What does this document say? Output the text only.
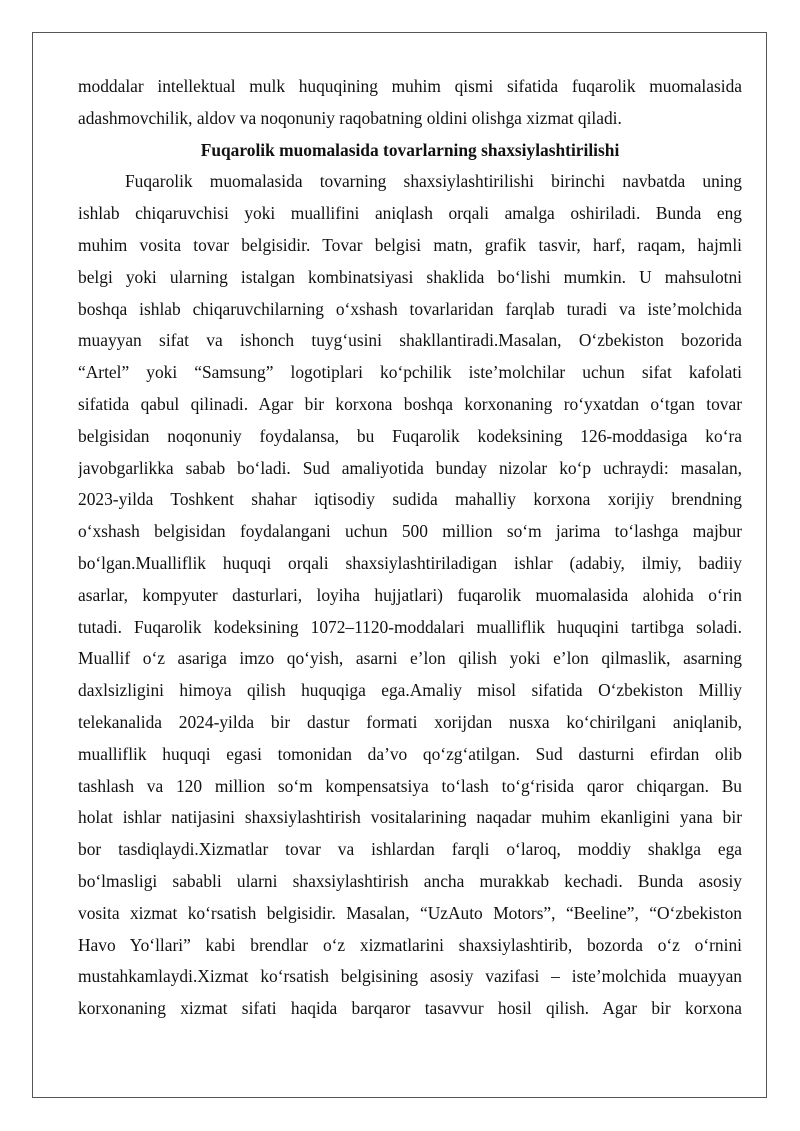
moddalar intellektual mulk huquqining muhim qismi sifatida fuqarolik muomalasida
adashmovchilik, aldov va noqonuniy raqobatning oldini olishga xizmat qiladi.
Fuqarolik muomalasida tovarlarning shaxsiylashtirilishi
Fuqarolik muomalasida tovarning shaxsiylashtirilishi birinchi navbatda uning
ishlab chiqaruvchisi yoki muallifini aniqlash orqali amalga oshiriladi. Bunda eng
muhim vosita tovar belgisidir. Tovar belgisi matn, grafik tasvir, harf, raqam, hajmli
belgi yoki ularning istalgan kombinatsiyasi shaklida bo‘lishi mumkin. U mahsulotni
boshqa ishlab chiqaruvchilarning o‘xshash tovarlaridan farqlab turadi va iste’molchida
muayyan sifat va ishonch tuyg‘usini shakllantiradi.Masalan, O‘zbekiston bozorida
“Artel” yoki “Samsung” logotiplari ko‘pchilik iste’molchilar uchun sifat kafolati
sifatida qabul qilinadi. Agar bir korxona boshqa korxonaning ro‘yxatdan o‘tgan tovar
belgisidan noqonuniy foydalansa, bu Fuqarolik kodeksining 126-moddasiga ko‘ra
javobgarlikka sabab bo‘ladi. Sud amaliyotida bunday nizolar ko‘p uchraydi: masalan,
2023-yilda Toshkent shahar iqtisodiy sudida mahalliy korxona xorijiy brendning
o‘xshash belgisidan foydalangani uchun 500 million so‘m jarima to‘lashga majbur
bo‘lgan.Mualliflik huquqi orqali shaxsiylashtiriladigan ishlar (adabiy, ilmiy, badiiy
asarlar, kompyuter dasturlari, loyiha hujjatlari) fuqarolik muomalasida alohida o‘rin
tutadi. Fuqarolik kodeksining 1072–1120-moddalari mualliflik huquqini tartibga soladi.
Muallif o‘z asariga imzo qo‘yish, asarni e’lon qilish yoki e’lon qilmaslik, asarning
daxlsizligini himoya qilish huquqiga ega.Amaliy misol sifatida O‘zbekiston Milliy
telekanalida 2024-yilda bir dastur formati xorijdan nusxa ko‘chirilgani aniqlanib,
mualliflik huquqi egasi tomonidan da’vo qo‘zg‘atilgan. Sud dasturni efirdan olib
tashlash va 120 million so‘m kompensatsiya to‘lash to‘g‘risida qaror chiqargan. Bu
holat ishlar natijasini shaxsiylashtirish vositalarining naqadar muhim ekanligini yana bir
bor tasdiqlaydi.Xizmatlar tovar va ishlardan farqli o‘laroq, moddiy shaklga ega
bo‘lmasligi sababli ularni shaxsiylashtirish ancha murakkab kechadi. Bunda asosiy
vosita xizmat ko‘rsatish belgisidir. Masalan, “UzAuto Motors”, “Beeline”, “O‘zbekiston
Havo Yo‘llari” kabi brendlar o‘z xizmatlarini shaxsiylashtirib, bozorda o‘z o‘rnini
mustahkamlaydi.Xizmat ko‘rsatish belgisining asosiy vazifasi – iste’molchida muayyan
korxonaning xizmat sifati haqida barqaror tasavvur hosil qilish. Agar bir korxona
